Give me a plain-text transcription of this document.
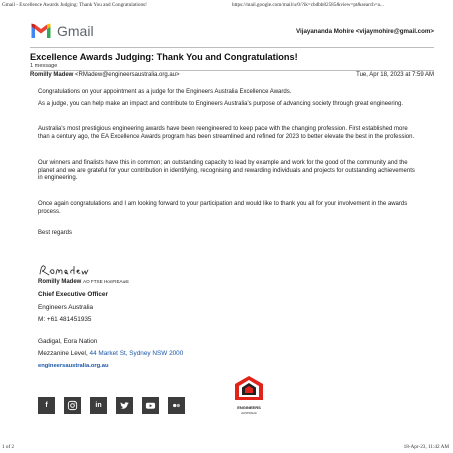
Gmail - Excellence Awards Judging: Thank You and Congratulations!	https://mail.google.com/mail/u/0/?ik=cbdbb82585&view=pt&search=a...
Gmail	Vijayananda Mohire <vijaymohire@gmail.com>
Excellence Awards Judging: Thank You and Congratulations!
1 message
Romilly Madew <RMadew@engineersaustralia.org.au>	Tue, Apr 18, 2023 at 7:59 AM

Congratulations on your appointment as a judge for the Engineers Australia Excellence Awards.

As a judge, you can help make an impact and contribute to Engineers Australia's purpose of advancing society through great engineering.

Australia's most prestigious engineering awards have been reengineered to keep pace with the changing profession. First established more than a century ago, the EA Excellence Awards program has been streamlined and refined for 2023 to better elevate the best in the profession.

Our winners and finalists have this in common; an outstanding capacity to lead by example and work for the good of the community and the planet and we are grateful for your contribution in identifying, recognising and rewarding individuals and projects for outstanding achievements in engineering.

Once again congratulations and I am looking forward to your participation and would like to thank you all for your involvement in the awards process.

Best regards

Romilly Madew AO FTSE HonFIEAust
Chief Executive Officer
Engineers Australia
M: +61 481451935
Gadigal, Eora Nation
Mezzanine Level, 44 Market St, Sydney NSW 2000
engineersaustralia.org.au
f	in	ENGINEERS
AUSTRALIA
1 of 2	18-Apr-23, 11:42 AM
